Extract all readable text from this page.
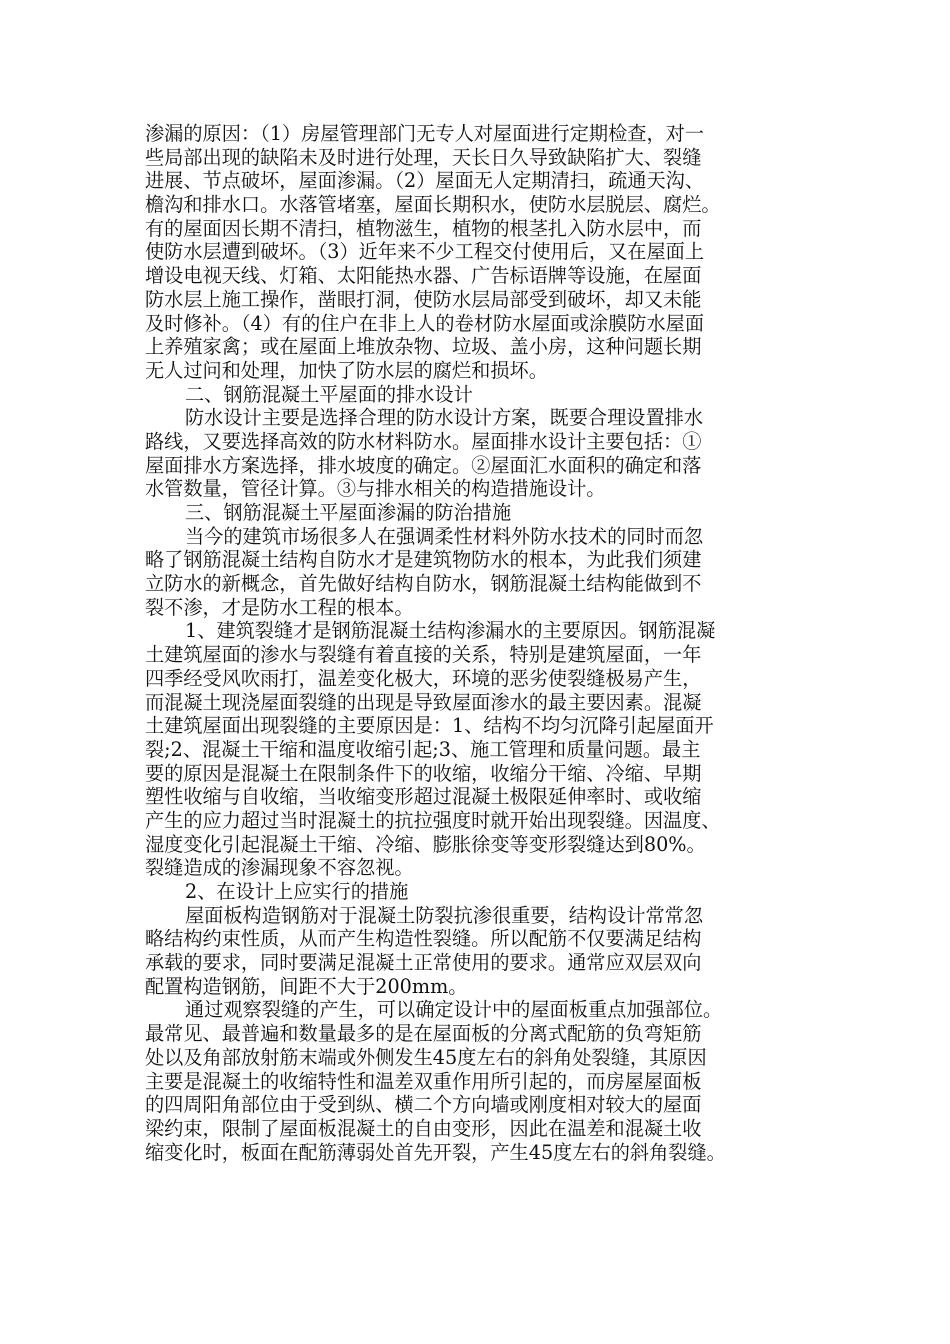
渗漏的原因：（1）房屋管理部门无专人对屋面进行定期检查，对一
些局部出现的缺陷未及时进行处理，天长日久导致缺陷扩大、裂缝
进展、节点破坏，屋面渗漏。（2）屋面无人定期清扫，疏通天沟、
檐沟和排水口。水落管堵塞，屋面长期积水，使防水层脱层、腐烂。
有的屋面因长期不清扫，植物滋生，植物的根茎扎入防水层中，而
使防水层遭到破坏。（3）近年来不少工程交付使用后，又在屋面上
增设电视天线、灯箱、太阳能热水器、广告标语牌等设施，在屋面
防水层上施工操作，凿眼打洞，使防水层局部受到破坏，却又未能
及时修补。（4）有的住户在非上人的卷材防水屋面或涂膜防水屋面
上养殖家禽；或在屋面上堆放杂物、垃圾、盖小房，这种问题长期
无人过问和处理，加快了防水层的腐烂和损坏。
二、钢筋混凝土平屋面的排水设计
防水设计主要是选择合理的防水设计方案，既要合理设置排水
路线，又要选择高效的防水材料防水。屋面排水设计主要包括：①
屋面排水方案选择，排水坡度的确定。②屋面汇水面积的确定和落
水管数量，管径计算。③与排水相关的构造措施设计。
三、钢筋混凝土平屋面渗漏的防治措施
当今的建筑市场很多人在强调柔性材料外防水技术的同时而忽
略了钢筋混凝土结构自防水才是建筑物防水的根本，为此我们须建
立防水的新概念，首先做好结构自防水，钢筋混凝土结构能做到不
裂不渗，才是防水工程的根本。
1、建筑裂缝才是钢筋混凝土结构渗漏水的主要原因。钢筋混凝
土建筑屋面的渗水与裂缝有着直接的关系，特别是建筑屋面，一年
四季经受风吹雨打，温差变化极大，环境的恶劣使裂缝极易产生，
而混凝土现浇屋面裂缝的出现是导致屋面渗水的最主要因素。混凝
土建筑屋面出现裂缝的主要原因是：1、结构不均匀沉降引起屋面开
裂;2、混凝土干缩和温度收缩引起;3、施工管理和质量问题。最主
要的原因是混凝土在限制条件下的收缩，收缩分干缩、冷缩、早期
塑性收缩与自收缩，当收缩变形超过混凝土极限延伸率时、或收缩
产生的应力超过当时混凝土的抗拉强度时就开始出现裂缝。因温度、
湿度变化引起混凝土干缩、冷缩、膨胀徐变等变形裂缝达到80%。
裂缝造成的渗漏现象不容忽视。
2、在设计上应实行的措施
屋面板构造钢筋对于混凝土防裂抗渗很重要，结构设计常常忽
略结构约束性质，从而产生构造性裂缝。所以配筋不仅要满足结构
承载的要求，同时要满足混凝土正常使用的要求。通常应双层双向
配置构造钢筋，间距不大于200mm。
通过观察裂缝的产生，可以确定设计中的屋面板重点加强部位。
最常见、最普遍和数量最多的是在屋面板的分离式配筋的负弯矩筋
处以及角部放射筋末端或外侧发生45度左右的斜角处裂缝，其原因
主要是混凝土的收缩特性和温差双重作用所引起的，而房屋屋面板
的四周阳角部位由于受到纵、横二个方向墙或刚度相对较大的屋面
梁约束，限制了屋面板混凝土的自由变形，因此在温差和混凝土收
缩变化时，板面在配筋薄弱处首先开裂，产生45度左右的斜角裂缝。
